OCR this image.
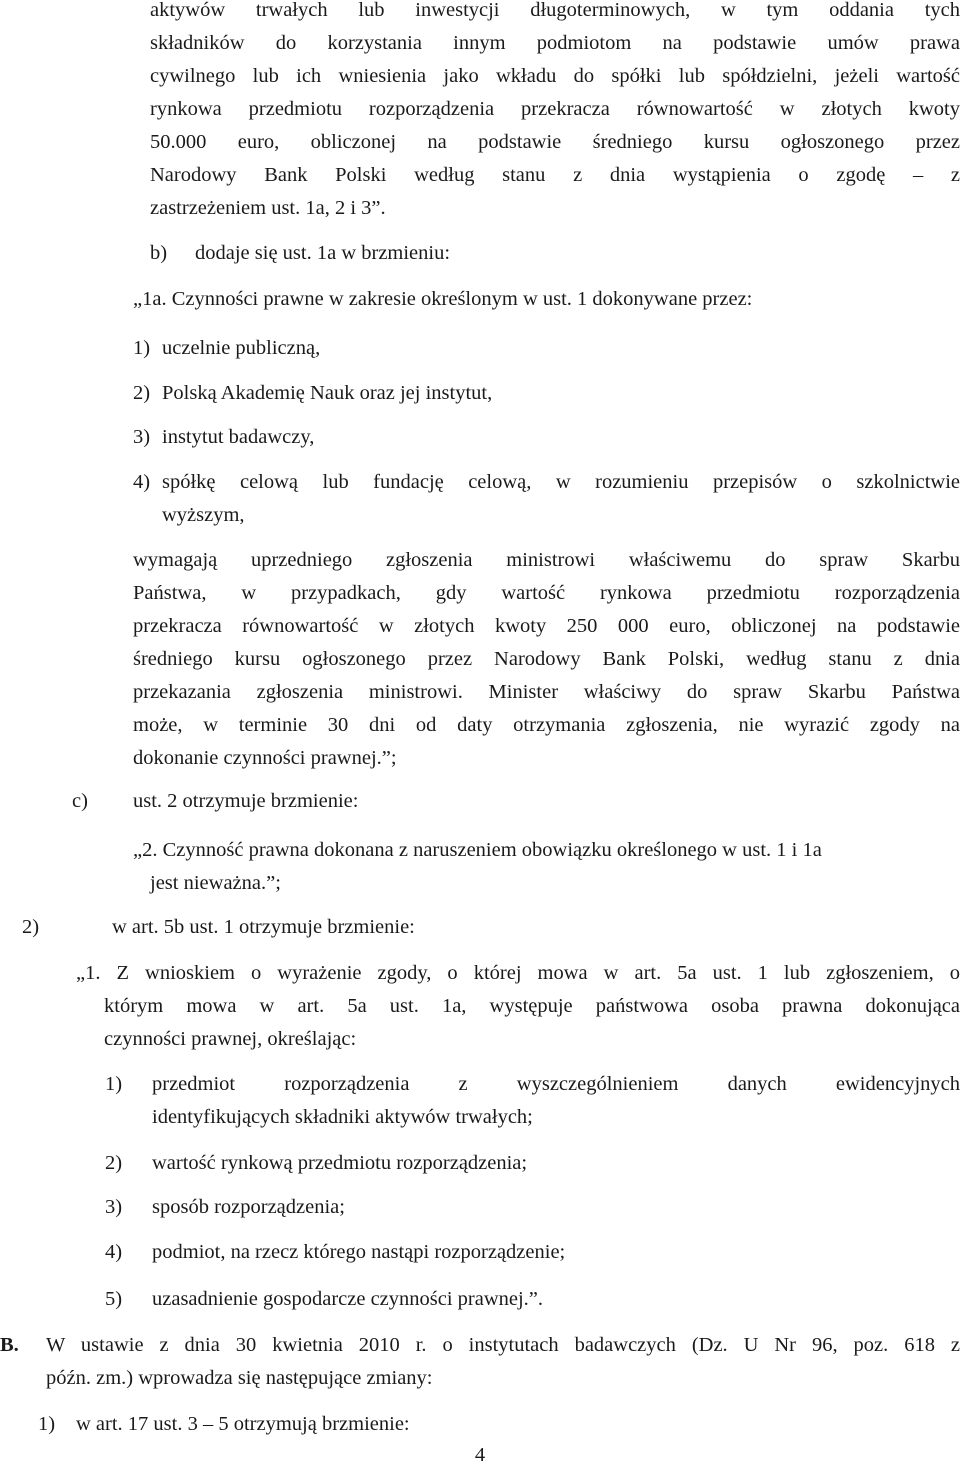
aktywów trwałych lub inwestycji długoterminowych, w tym oddania tych
składników do korzystania innym podmiotom na podstawie umów prawa
cywilnego lub ich wniesienia jako wkładu do spółki lub spółdzielni, jeżeli wartość
rynkowa przedmiotu rozporządzenia przekracza równowartość w złotych kwoty
50.000 euro, obliczonej na podstawie średniego kursu ogłoszonego przez
Narodowy Bank Polski według stanu z dnia wystąpienia o zgodę – z
zastrzeżeniem ust. 1a, 2 i 3”.
b) dodaje się ust. 1a w brzmieniu:
„1a. Czynności prawne w zakresie określonym w ust. 1 dokonywane przez:
1) uczelnie publiczną,
2) Polską Akademię Nauk oraz jej instytut,
3) instytut badawczy,
4) spółkę celową lub fundację celową, w rozumieniu przepisów o szkolnictwie
wyższym,
wymagają uprzedniego zgłoszenia ministrowi właściwemu do spraw Skarbu
Państwa, w przypadkach, gdy wartość rynkowa przedmiotu rozporządzenia
przekracza równowartość w złotych kwoty 250 000 euro, obliczonej na podstawie
średniego kursu ogłoszonego przez Narodowy Bank Polski, według stanu z dnia
przekazania zgłoszenia ministrowi. Minister właściwy do spraw Skarbu Państwa
może, w terminie 30 dni od daty otrzymania zgłoszenia, nie wyrazić zgody na
dokonanie czynności prawnej.”;
c) ust. 2 otrzymuje brzmienie:
„2. Czynność prawna dokonana z naruszeniem obowiązku określonego w ust. 1 i 1a
jest nieważna.”;
2)	w art. 5b ust. 1 otrzymuje brzmienie:
„1. Z wnioskiem o wyrażenie zgody, o której mowa w art. 5a ust. 1 lub zgłoszeniem, o
którym mowa w art. 5a ust. 1a, występuje państwowa osoba prawna dokonująca
czynności prawnej, określając:
1) przedmiot rozporządzenia z wyszczególnieniem danych ewidencyjnych
identyfikujących składniki aktywów trwałych;
2) wartość rynkową przedmiotu rozporządzenia;
3) sposób rozporządzenia;
4) podmiot, na rzecz którego nastąpi rozporządzenie;
5) uzasadnienie gospodarcze czynności prawnej.”.
B. W ustawie z dnia 30 kwietnia 2010 r. o instytutach badawczych (Dz. U Nr 96, poz. 618 z
późn. zm.) wprowadza się następujące zmiany:
1) w art. 17 ust. 3 – 5 otrzymują brzmienie:
4
